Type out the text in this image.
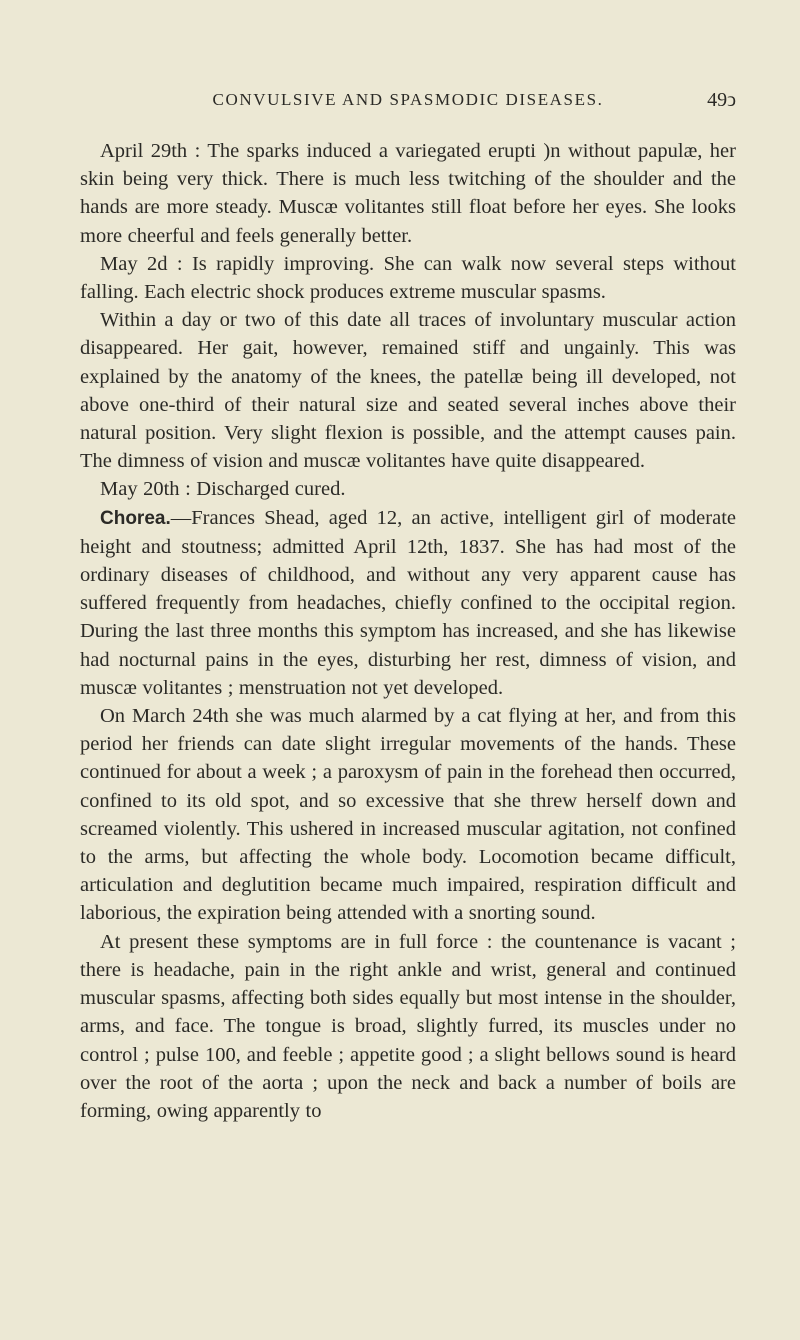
CONVULSIVE AND SPASMODIC DISEASES.	49ↄ

April 29th : The sparks induced a variegated erupti )n without papulæ, her skin being very thick. There is much less twitching of the shoulder and the hands are more steady. Muscæ volitantes still float before her eyes. She looks more cheerful and feels generally better.

May 2d : Is rapidly improving. She can walk now several steps without falling. Each electric shock produces extreme muscular spasms.

Within a day or two of this date all traces of involuntary muscular action disappeared. Her gait, however, remained stiff and ungainly. This was explained by the anatomy of the knees, the patellæ being ill developed, not above one-third of their natural size and seated several inches above their natural position. Very slight flexion is possible, and the attempt causes pain. The dimness of vision and muscæ volitantes have quite disappeared.

May 20th : Discharged cured.

Chorea.—Frances Shead, aged 12, an active, intelligent girl of moderate height and stoutness; admitted April 12th, 1837. She has had most of the ordinary diseases of childhood, and without any very apparent cause has suffered frequently from headaches, chiefly confined to the occipital region. During the last three months this symptom has increased, and she has likewise had nocturnal pains in the eyes, disturbing her rest, dimness of vision, and muscæ volitantes ; menstruation not yet developed.

On March 24th she was much alarmed by a cat flying at her, and from this period her friends can date slight irregular movements of the hands. These continued for about a week ; a paroxysm of pain in the forehead then occurred, confined to its old spot, and so excessive that she threw herself down and screamed violently. This ushered in increased muscular agitation, not confined to the arms, but affecting the whole body. Locomotion became difficult, articulation and deglutition became much impaired, respiration difficult and laborious, the expiration being attended with a snorting sound.

At present these symptoms are in full force : the countenance is vacant ; there is headache, pain in the right ankle and wrist, general and continued muscular spasms, affecting both sides equally but most intense in the shoulder, arms, and face. The tongue is broad, slightly furred, its muscles under no control ; pulse 100, and feeble ; appetite good ; a slight bellows sound is heard over the root of the aorta ; upon the neck and back a number of boils are forming, owing apparently to
